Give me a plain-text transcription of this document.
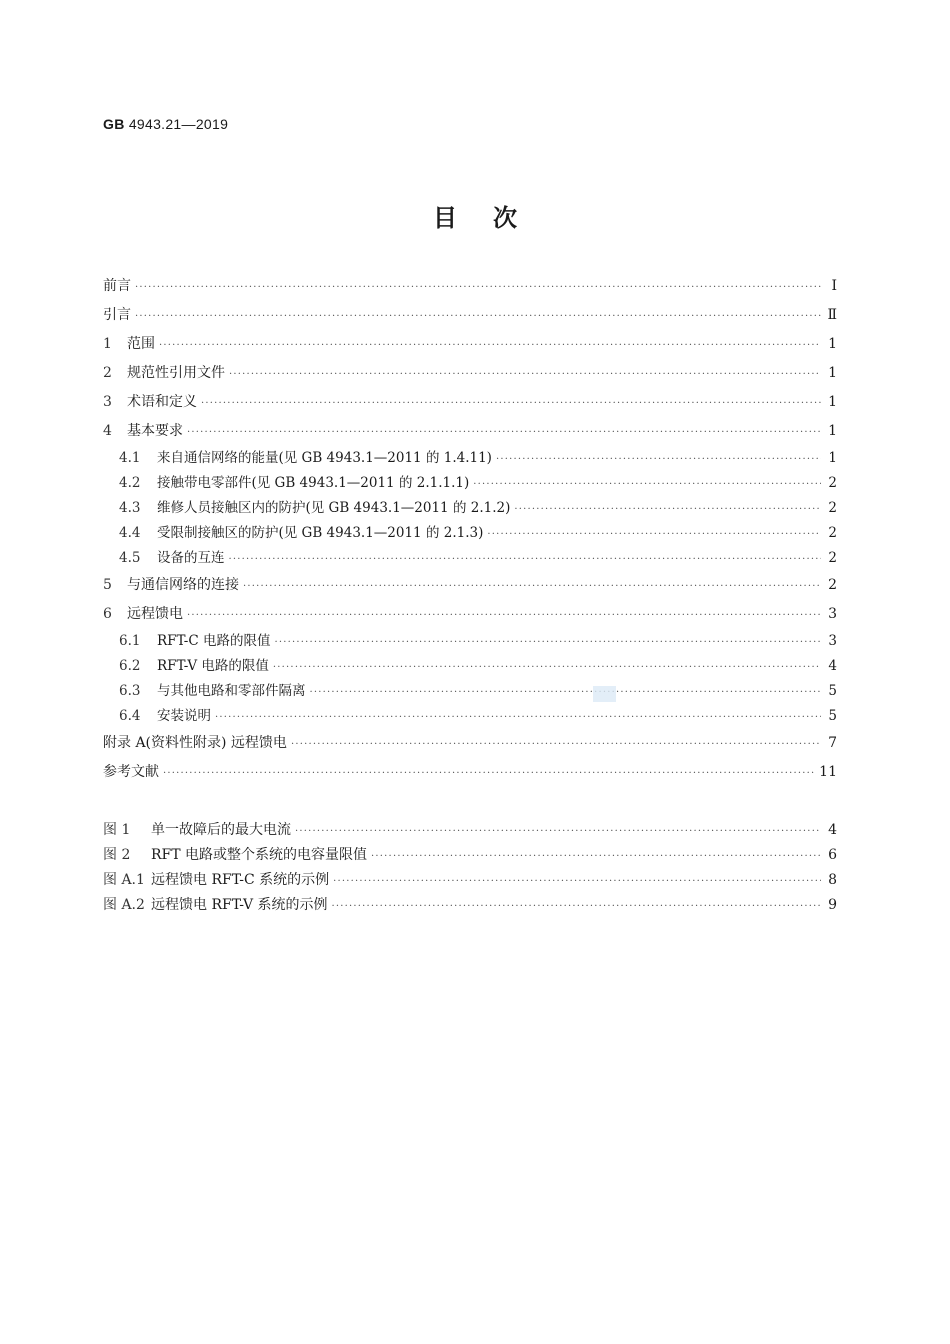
GB 4943.21—2019
目次
前言 ·····	Ⅰ
引言 ·····	Ⅱ
1	范围 ·····	1
2	规范性引用文件 ·····	1
3	术语和定义 ·····	1
4	基本要求 ·····	1
4.1	来自通信网络的能量(见 GB 4943.1—2011 的 1.4.11) ·····	1
4.2	接触带电零部件(见 GB 4943.1—2011 的 2.1.1.1) ·····	2
4.3	维修人员接触区内的防护(见 GB 4943.1—2011 的 2.1.2) ·····	2
4.4	受限制接触区的防护(见 GB 4943.1—2011 的 2.1.3) ·····	2
4.5	设备的互连 ·····	2
5	与通信网络的连接 ·····	2
6	远程馈电 ·····	3
6.1	RFT-C 电路的限值 ·····	3
6.2	RFT-V 电路的限值 ·····	4
6.3	与其他电路和零部件隔离 ·····	5
6.4	安装说明 ·····	5
附录 A(资料性附录) 远程馈电 ·····	7
参考文献 ·····	11
图 1	单一故障后的最大电流 ·····	4
图 2	RFT 电路或整个系统的电容量限值 ·····	6
图 A.1 远程馈电 RFT-C 系统的示例 ·····	8
图 A.2 远程馈电 RFT-V 系统的示例 ·····	9
